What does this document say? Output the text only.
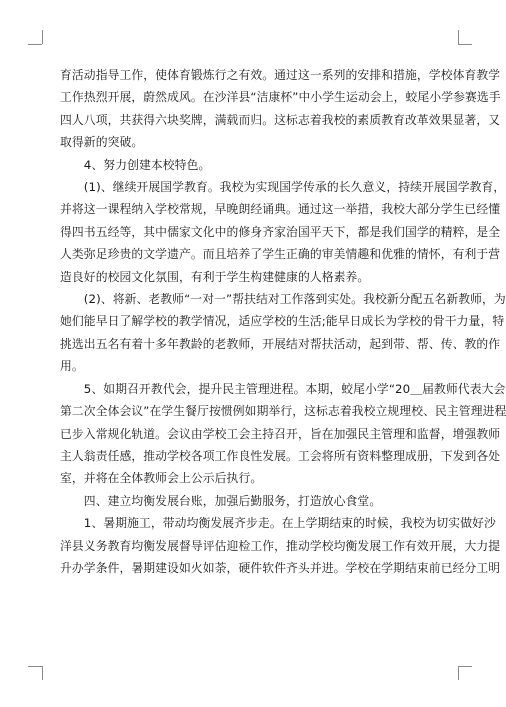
育活动指导工作，使体育锻炼行之有效。通过这一系列的安排和措施，学校体育教学
工作热烈开展，蔚然成风。在沙洋县“洁康杯”中小学生运动会上，蛟尾小学参赛选手
四人八项，共获得六块奖牌，满载而归。这标志着我校的素质教育改革效果显著，又
取得新的突破。

　　4、努力创建本校特色。

　　(1)、继续开展国学教育。我校为实现国学传承的长久意义，持续开展国学教育，
并将这一课程纳入学校常规，早晚朗经诵典。通过这一举措，我校大部分学生已经懂
得四书五经等，其中儒家文化中的修身齐家治国平天下，都是我们国学的精粹，是全
人类弥足珍贵的文学遗产。而且培养了学生正确的审美情趣和优雅的情怀，有利于营
造良好的校园文化氛围，有利于学生构建健康的人格素养。

　　(2)、将新、老教师“一对一”帮扶结对工作落到实处。我校新分配五名新教师，为
她们能早日了解学校的教学情况，适应学校的生活;能早日成长为学校的骨干力量，特
挑选出五名有着十多年教龄的老教师，开展结对帮扶活动，起到带、帮、传、教的作
用。

　　5、如期召开教代会，提升民主管理进程。本期，蛟尾小学“20＿届教师代表大会
第二次全体会议”在学生餐厅按惯例如期举行，这标志着我校立规理校、民主管理进程
已步入常规化轨道。会议由学校工会主持召开，旨在加强民主管理和监督，增强教师
主人翁责任感，推动学校各项工作良性发展。工会将所有资料整理成册，下发到各处
室，并将在全体教师会上公示后执行。

　　四、建立均衡发展台账，加强后勤服务，打造放心食堂。

　　1、暑期施工，带动均衡发展齐步走。在上学期结束的时候，我校为切实做好沙
洋县义务教育均衡发展督导评估迎检工作，推动学校均衡发展工作有效开展，大力提
升办学条件，暑期建设如火如荼，硬件软件齐头并进。学校在学期结束前已经分工明
